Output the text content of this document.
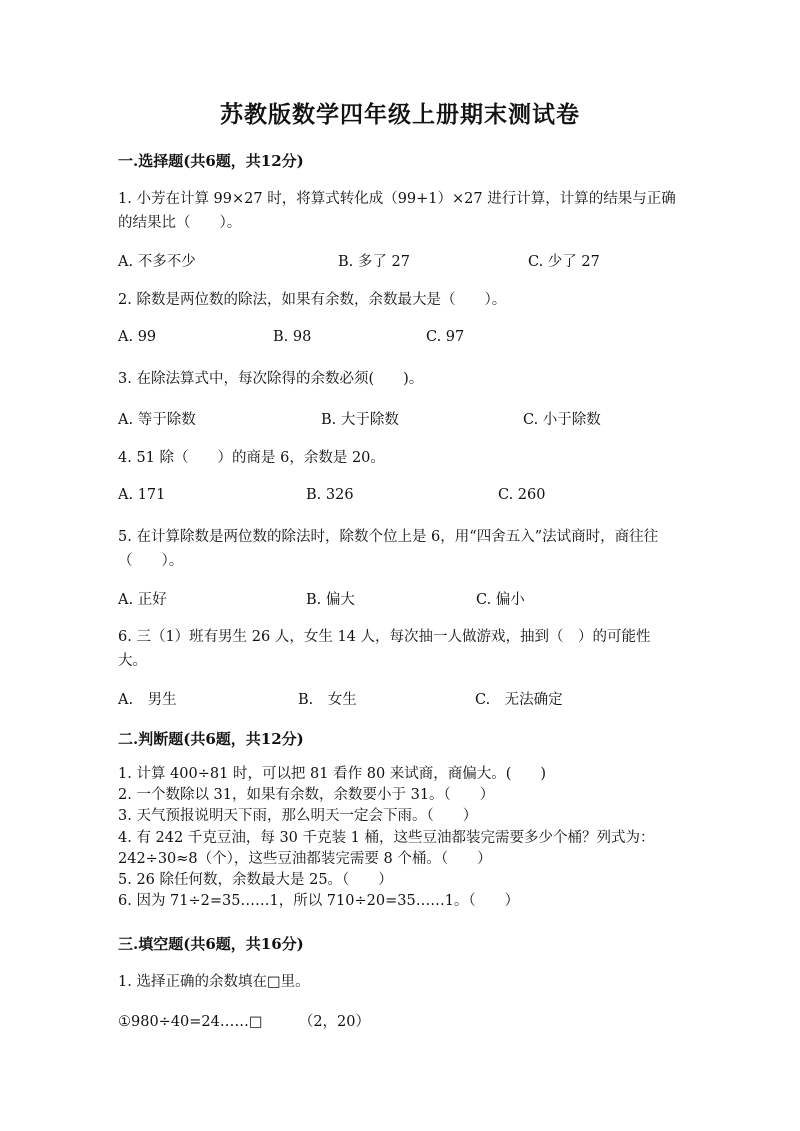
苏教版数学四年级上册期末测试卷
一.选择题(共6题，共12分)
1. 小芳在计算 99×27 时，将算式转化成（99+1）×27 进行计算，计算的结果与正确的结果比（　　）。
A. 不多不少	B. 多了 27	C. 少了 27
2. 除数是两位数的除法，如果有余数，余数最大是（　　）。
A. 99	B. 98	C. 97
3. 在除法算式中，每次除得的余数必须(　　)。
A. 等于除数	B. 大于除数	C. 小于除数
4. 51 除（　　）的商是 6，余数是 20。
A. 171	B. 326	C. 260
5. 在计算除数是两位数的除法时，除数个位上是 6，用“四舍五入”法试商时，商往往（　　）。
A. 正好	B. 偏大	C. 偏小
6. 三（1）班有男生 26 人，女生 14 人，每次抽一人做游戏，抽到（　）的可能性大。
A.　男生	B.　女生	C.　无法确定
二.判断题(共6题，共12分)
1. 计算 400÷81 时，可以把 81 看作 80 来试商，商偏大。(　　)
2. 一个数除以 31，如果有余数，余数要小于 31。（　　）
3. 天气预报说明天下雨，那么明天一定会下雨。（　　）
4. 有 242 千克豆油，每 30 千克装 1 桶，这些豆油都装完需要多少个桶？列式为：242÷30≈8（个），这些豆油都装完需要 8 个桶。（　　）
5. 26 除任何数，余数最大是 25。（　　）
6. 因为 71÷2=35……1，所以 710÷20=35……1。（　　）
三.填空题(共6题，共16分)
1. 选择正确的余数填在□里。
①980÷40=24……□　　　（2，20）
